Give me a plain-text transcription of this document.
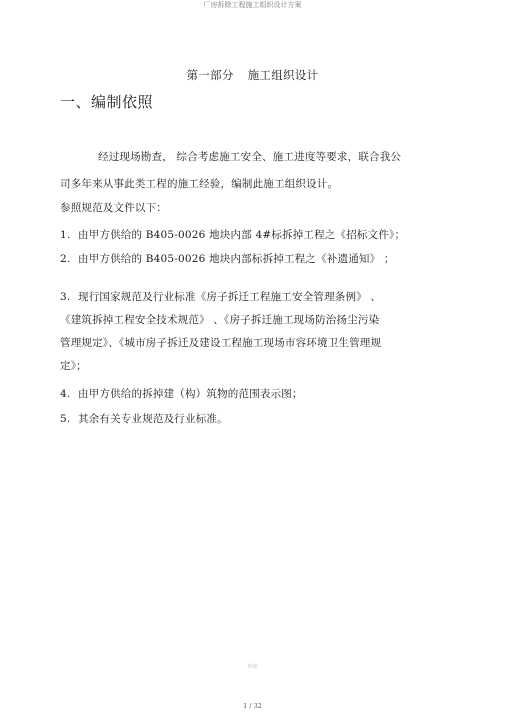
厂房拆除工程施工组织设计方案
第一部分 施工组织设计
一、编制依照
经过现场勘查， 综合考虑施工安全、施工进度等要求，联合我公
司多年来从事此类工程的施工经验，编制此施工组织设计。
参照规范及文件以下：
1. 由甲方供给的 B405-0026 地块内部 4#标拆掉工程之《招标文件》；
2. 由甲方供给的 B405-0026 地块内部标拆掉工程之《补遗通知》 ；
3. 现行国家规范及行业标准《房子拆迁工程施工安全管理条例》 、
《建筑拆掉工程安全技术规范》 、《房子拆迁施工现场防治扬尘污染
管理规定》、《城市房子拆迁及建设工程施工现场市容环境卫生管理规
定》；
4. 由甲方供给的拆掉建（构）筑物的范围表示图；
5. 其余有关专业规范及行业标准。
中东
1 / 32
